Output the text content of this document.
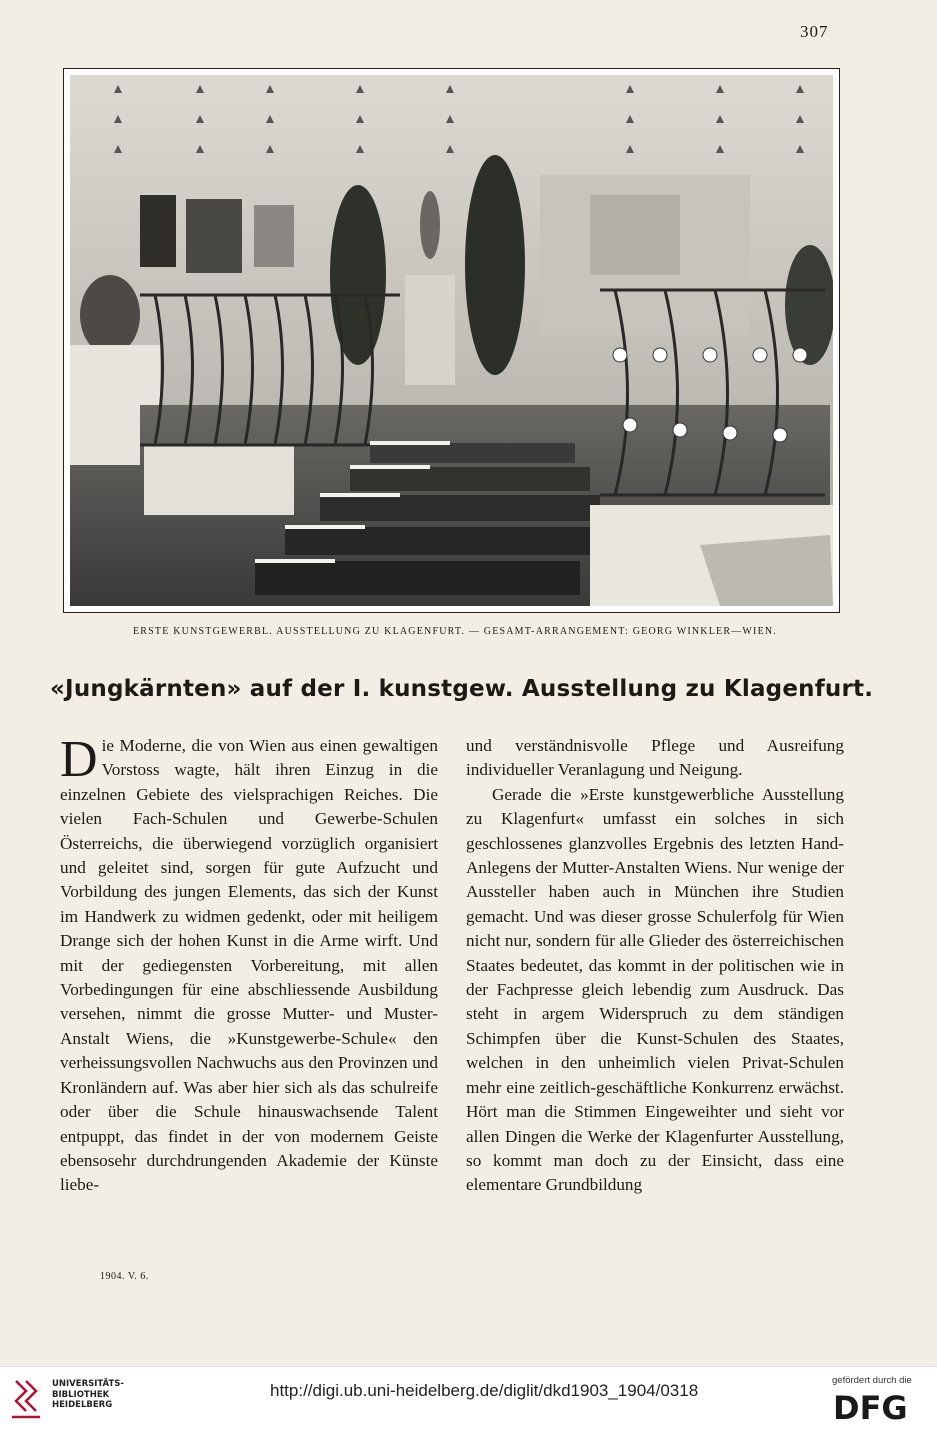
307
ERSTE KUNSTGEWERBL. AUSSTELLUNG ZU KLAGENFURT. — GESAMT-ARRANGEMENT: GEORG WINKLER—WIEN.
«Jungkärnten» auf der I. kunstgew. Ausstellung zu Klagenfurt.

Die Moderne, die von Wien aus einen gewaltigen Vorstoss wagte, hält ihren Einzug in die einzelnen Gebiete des vielsprachigen Reiches. Die vielen Fach-Schulen und Gewerbe-Schulen Österreichs, die überwiegend vorzüglich organisiert und geleitet sind, sorgen für gute Aufzucht und Vorbildung des jungen Elements, das sich der Kunst im Handwerk zu widmen gedenkt, oder mit heiligem Drange sich der hohen Kunst in die Arme wirft. Und mit der gediegensten Vorbereitung, mit allen Vorbedingungen für eine abschliessende Ausbildung versehen, nimmt die grosse Mutter- und Muster-Anstalt Wiens, die »Kunstgewerbe-Schule« den verheissungsvollen Nachwuchs aus den Provinzen und Kronländern auf. Was aber hier sich als das schulreife oder über die Schule hinauswachsende Talent entpuppt, das findet in der von modernem Geiste ebensosehr durchdrungenden Akademie der Künste liebe-

und verständnisvolle Pflege und Ausreifung individueller Veranlagung und Neigung.

Gerade die »Erste kunstgewerbliche Ausstellung zu Klagenfurt« umfasst ein solches in sich geschlossenes glanzvolles Ergebnis des letzten Hand-Anlegens der Mutter-Anstalten Wiens. Nur wenige der Aussteller haben auch in München ihre Studien gemacht. Und was dieser grosse Schulerfolg für Wien nicht nur, sondern für alle Glieder des österreichischen Staates bedeutet, das kommt in der politischen wie in der Fachpresse gleich lebendig zum Ausdruck. Das steht in argem Widerspruch zu dem ständigen Schimpfen über die Kunst-Schulen des Staates, welchen in den unheimlich vielen Privat-Schulen mehr eine zeitlich-geschäftliche Konkurrenz erwächst. Hört man die Stimmen Eingeweihter und sieht vor allen Dingen die Werke der Klagenfurter Ausstellung, so kommt man doch zu der Einsicht, dass eine elementare Grundbildung

1904. V. 6.
UNIVERSITÄTS-
BIBLIOTHEK
HEIDELBERG
http://digi.ub.uni-heidelberg.de/diglit/dkd1903_1904/0318
gefördert durch die
DFG
